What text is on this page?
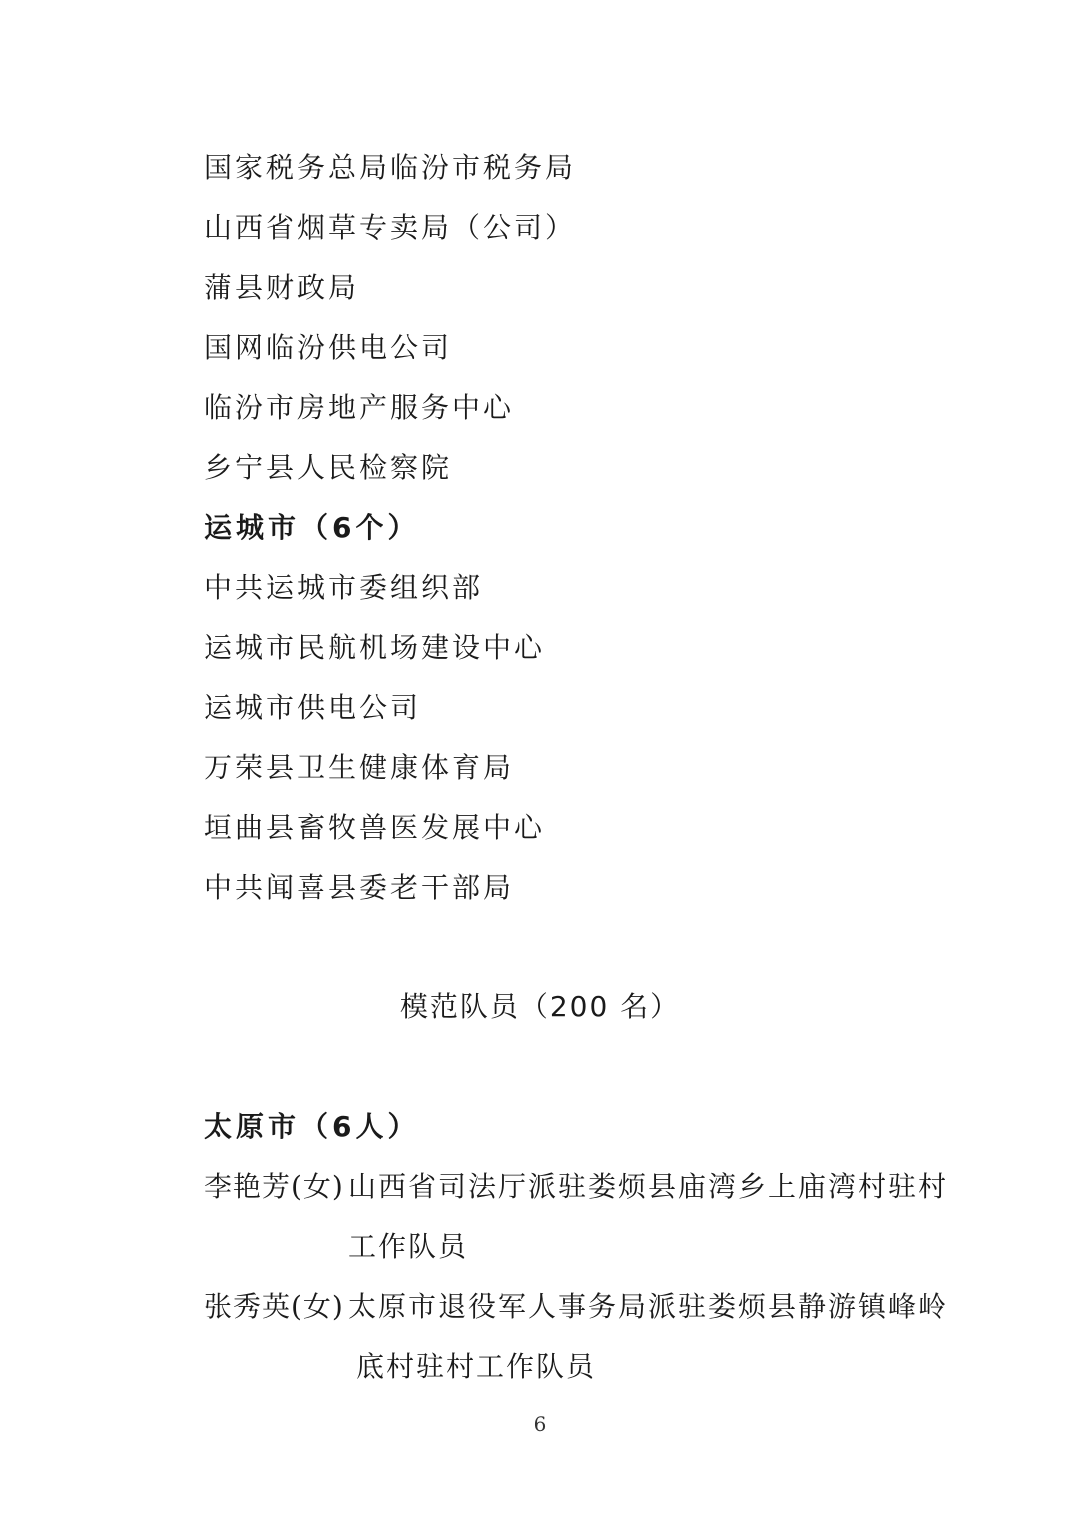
国家税务总局临汾市税务局
山西省烟草专卖局（公司）
蒲县财政局
国网临汾供电公司
临汾市房地产服务中心
乡宁县人民检察院
运城市（6个）
中共运城市委组织部
运城市民航机场建设中心
运城市供电公司
万荣县卫生健康体育局
垣曲县畜牧兽医发展中心
中共闻喜县委老干部局
模范队员（200 名）
太原市（6人）
李艳芳(女) 山西省司法厅派驻娄烦县庙湾乡上庙湾村驻村
工作队员
张秀英(女) 太原市退役军人事务局派驻娄烦县静游镇峰岭
底村驻村工作队员
6
